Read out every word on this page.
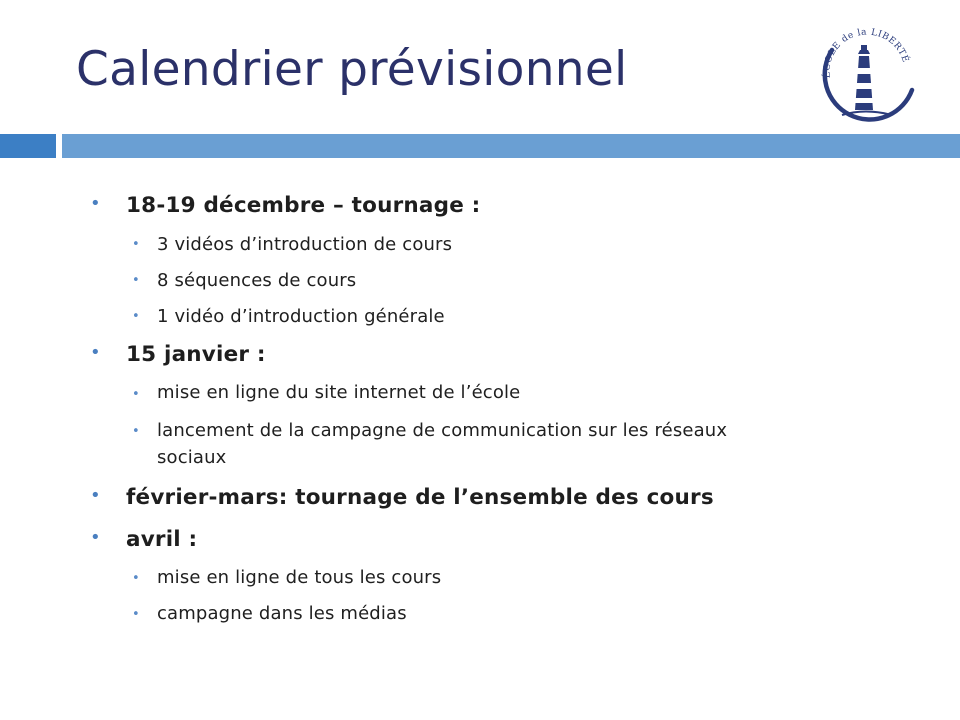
Calendrier prévisionnel	ÉCOLE de la LIBERTÉ
• 18-19 décembre – tournage :
• 3 vidéos d’introduction de cours
• 8 séquences de cours
• 1 vidéo d’introduction générale
• 15 janvier :
• mise en ligne du site internet de l’école
• lancement de la campagne de communication sur les réseaux
sociaux
• février-mars: tournage de l’ensemble des cours
• avril :
• mise en ligne de tous les cours
• campagne dans les médias
